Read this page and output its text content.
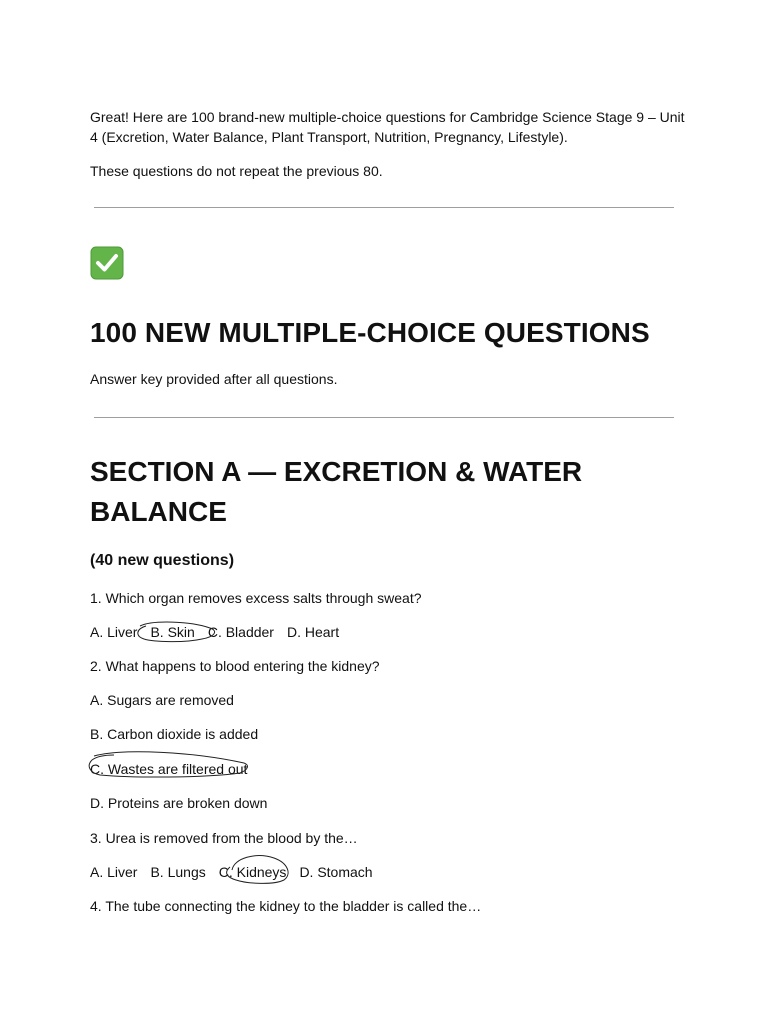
Great! Here are 100 brand-new multiple-choice questions for Cambridge Science Stage 9 – Unit 4 (Excretion, Water Balance, Plant Transport, Nutrition, Pregnancy, Lifestyle).

These questions do not repeat the previous 80.

100 NEW MULTIPLE-CHOICE QUESTIONS

Answer key provided after all questions.

SECTION A — EXCRETION & WATER BALANCE
(40 new questions)

1. Which organ removes excess salts through sweat?

A. Liver B. Skin C. Bladder D. Heart

2. What happens to blood entering the kidney?

A. Sugars are removed

B. Carbon dioxide is added

C. Wastes are filtered out

D. Proteins are broken down

3. Urea is removed from the blood by the…

A. Liver B. Lungs C. Kidneys D. Stomach

4. The tube connecting the kidney to the bladder is called the…
